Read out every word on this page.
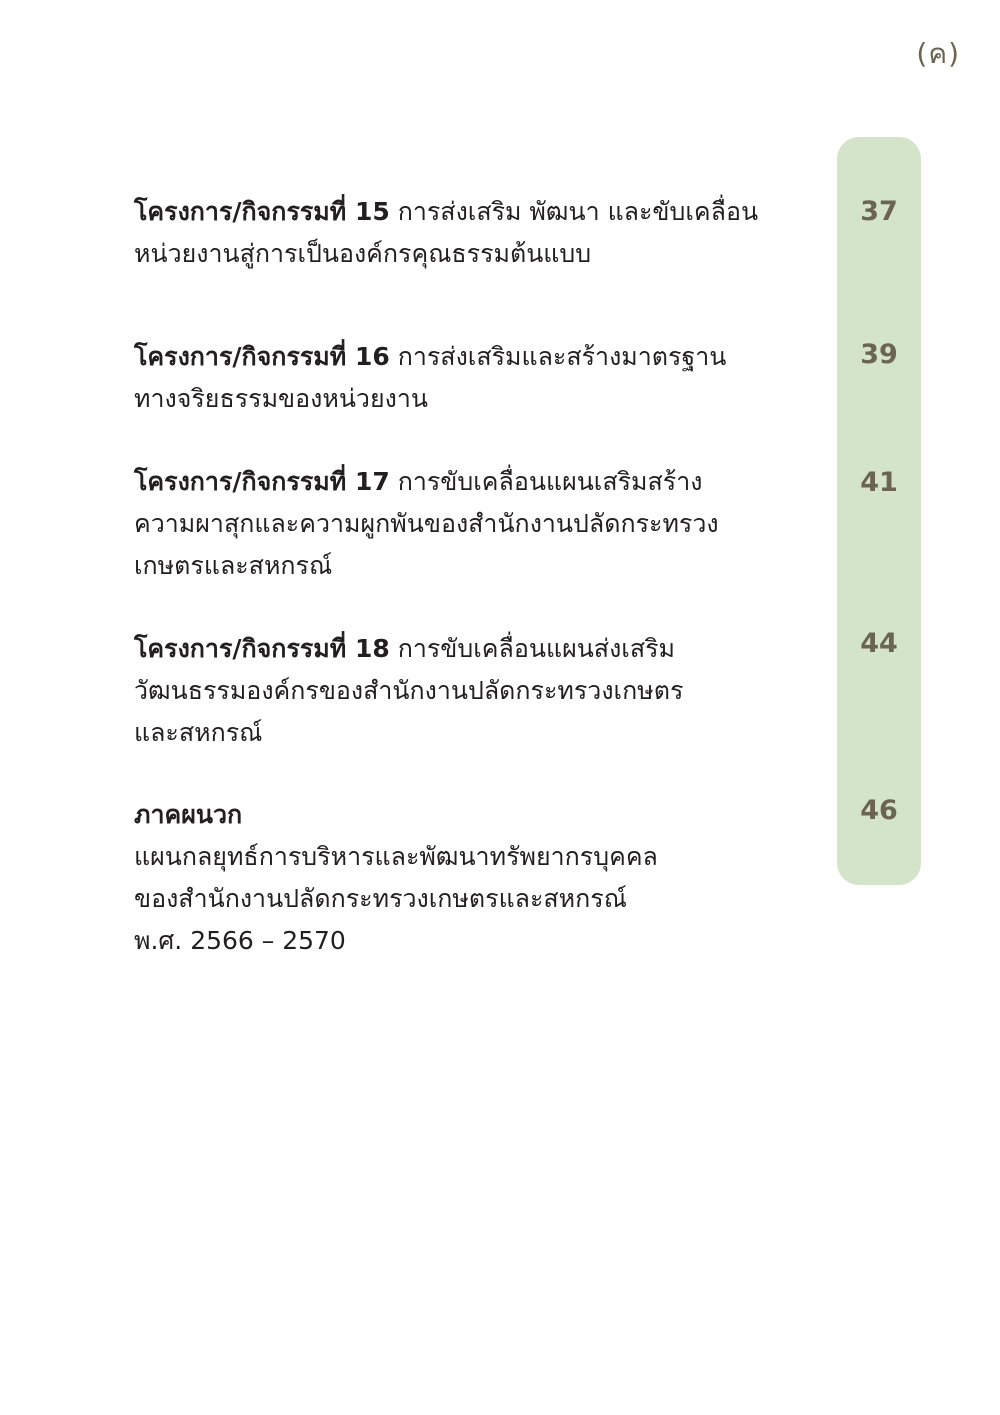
(ค)
โครงการ/กิจกรรมที่ 15 การส่งเสริม พัฒนา และขับเคลื่อน
หน่วยงานสู่การเป็นองค์กรคุณธรรมต้นแบบ
37
โครงการ/กิจกรรมที่ 16 การส่งเสริมและสร้างมาตรฐาน
ทางจริยธรรมของหน่วยงาน
39
โครงการ/กิจกรรมที่ 17 การขับเคลื่อนแผนเสริมสร้าง
ความผาสุกและความผูกพันของสำนักงานปลัดกระทรวง
เกษตรและสหกรณ์
41
โครงการ/กิจกรรมที่ 18 การขับเคลื่อนแผนส่งเสริม
วัฒนธรรมองค์กรของสำนักงานปลัดกระทรวงเกษตร
และสหกรณ์
44
ภาคผนวก
แผนกลยุทธ์การบริหารและพัฒนาทรัพยากรบุคคล
ของสำนักงานปลัดกระทรวงเกษตรและสหกรณ์
พ.ศ. 2566 – 2570
46
